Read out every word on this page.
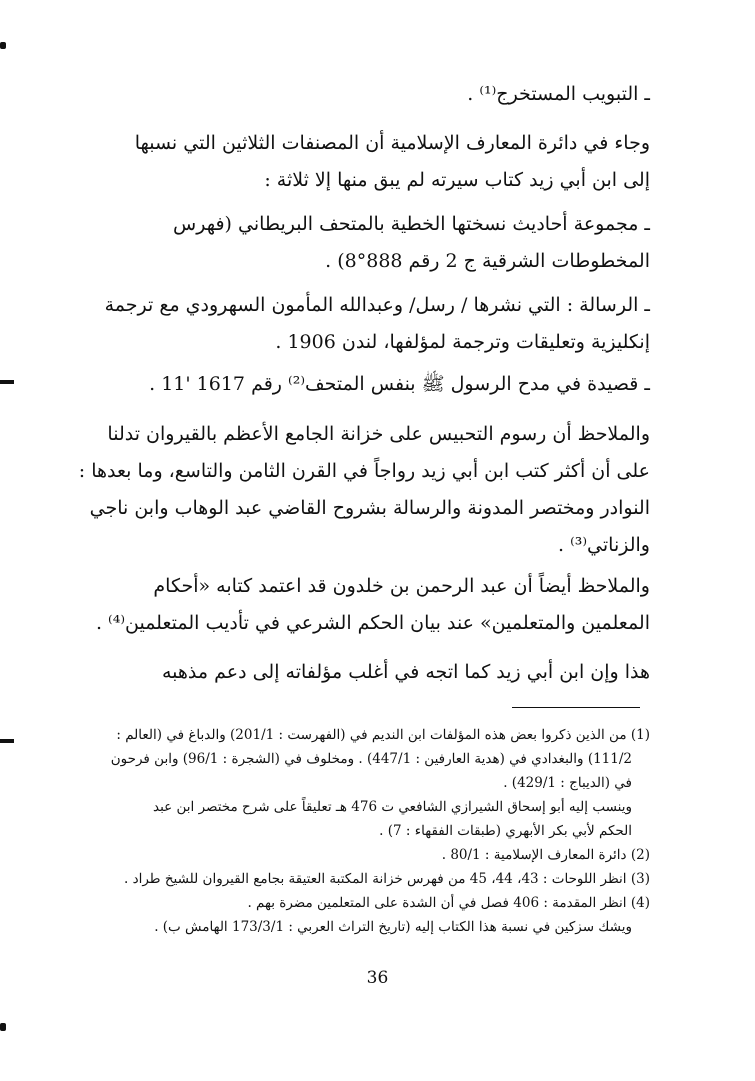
ـ التبويب المستخرج⁽¹⁾ .
وجاء في دائرة المعارف الإسلامية أن المصنفات الثلاثين التي نسبها
إلى ابن أبي زيد كتاب سيرته لم يبق منها إلا ثلاثة :
ـ مجموعة أحاديث نسختها الخطية بالمتحف البريطاني (فهرس
المخطوطات الشرقية ج 2 رقم 888°8) .
ـ الرسالة : التي نشرها / رسل/ وعبدالله المأمون السهرودي مع ترجمة
إنكليزية وتعليقات وترجمة لمؤلفها، لندن 1906 .
ـ قصيدة في مدح الرسول ﷺ بنفس المتحف⁽²⁾ رقم 1617 '11 .
والملاحظ أن رسوم التحبيس على خزانة الجامع الأعظم بالقيروان تدلنا
على أن أكثر كتب ابن أبي زيد رواجاً في القرن الثامن والتاسع، وما بعدها :
النوادر ومختصر المدونة والرسالة بشروح القاضي عبد الوهاب وابن ناجي
والزناتي⁽³⁾ .
والملاحظ أيضاً أن عبد الرحمن بن خلدون قد اعتمد كتابه «أحكام
المعلمين والمتعلمين» عند بيان الحكم الشرعي في تأديب المتعلمين⁽⁴⁾ .
هذا وإن ابن أبي زيد كما اتجه في أغلب مؤلفاته إلى دعم مذهبه
(1) من الذين ذكروا بعض هذه المؤلفات ابن النديم في (الفهرست : 201/1) والدباغ في (العالم :
111/2) والبغدادي في (هدية العارفين : 447/1) . ومخلوف في (الشجرة : 96/1) وابن فرحون
في (الديباج : 429/1) .
وينسب إليه أبو إسحاق الشيرازي الشافعي ت 476 هـ تعليقاً على شرح مختصر ابن عبد
الحكم لأبي بكر الأبهري (طبقات الفقهاء : 7) .
(2) دائرة المعارف الإسلامية : 80/1 .
(3) انظر اللوحات : 43، 44، 45 من فهرس خزانة المكتبة العتيقة بجامع القيروان للشيخ طراد .
(4) انظر المقدمة : 406 فصل في أن الشدة على المتعلمين مضرة بهم .
ويشك سزكين في نسبة هذا الكتاب إليه (تاريخ التراث العربي : 173/3/1 الهامش ب) .
36
